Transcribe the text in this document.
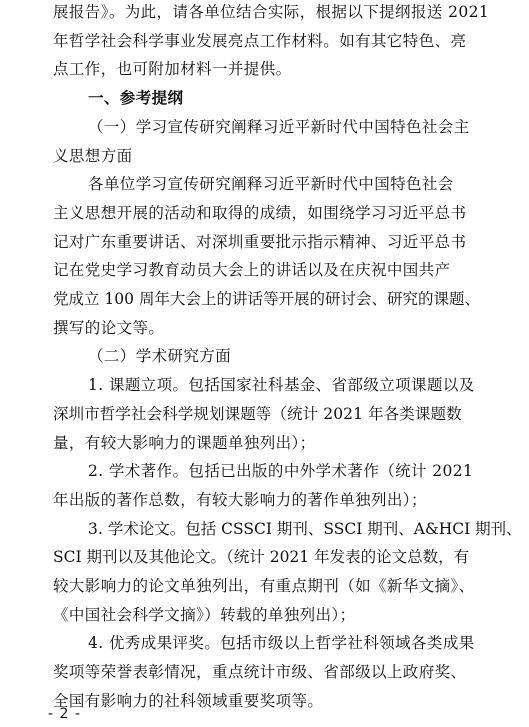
展报告》。为此，请各单位结合实际，根据以下提纲报送 2021
年哲学社会科学事业发展亮点工作材料。如有其它特色、亮
点工作，也可附加材料一并提供。
一、参考提纲
（一）学习宣传研究阐释习近平新时代中国特色社会主
义思想方面
各单位学习宣传研究阐释习近平新时代中国特色社会
主义思想开展的活动和取得的成绩，如围绕学习习近平总书
记对广东重要讲话、对深圳重要批示指示精神、习近平总书
记在党史学习教育动员大会上的讲话以及在庆祝中国共产
党成立 100 周年大会上的讲话等开展的研讨会、研究的课题、
撰写的论文等。
（二）学术研究方面
1. 课题立项。包括国家社科基金、省部级立项课题以及
深圳市哲学社会科学规划课题等（统计 2021 年各类课题数
量，有较大影响力的课题单独列出）；
2. 学术著作。包括已出版的中外学术著作（统计 2021
年出版的著作总数，有较大影响力的著作单独列出）；
3. 学术论文。包括 CSSCI 期刊、SSCI 期刊、A&HCI 期刊、
SCI 期刊以及其他论文。（统计 2021 年发表的论文总数，有
较大影响力的论文单独列出，有重点期刊（如《新华文摘》、
《中国社会科学文摘》）转载的单独列出）；
4. 优秀成果评奖。包括市级以上哲学社科领域各类成果
奖项等荣誉表彰情况，重点统计市级、省部级以上政府奖、
全国有影响力的社科领域重要奖项等。
- 2 -
